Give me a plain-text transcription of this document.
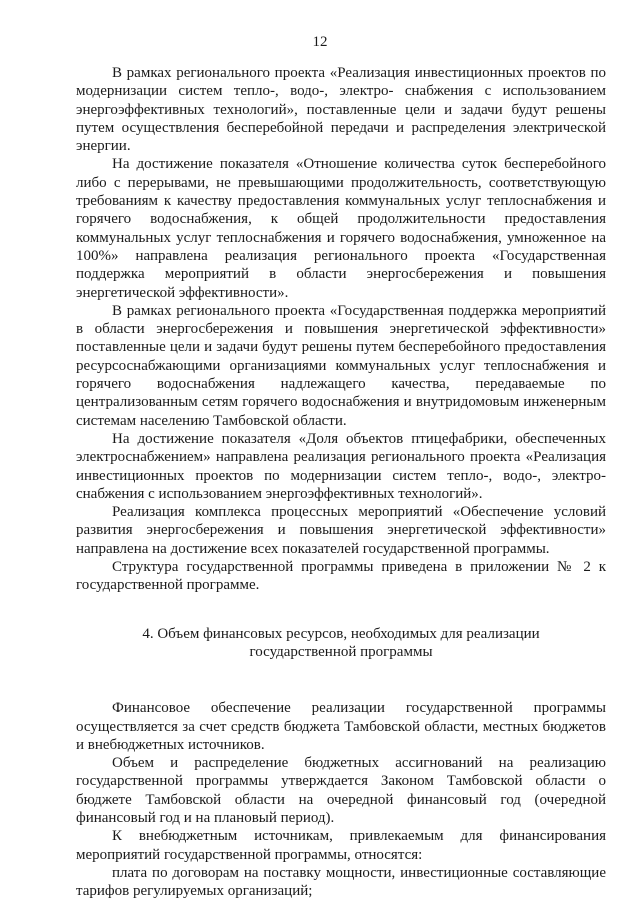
12

В рамках регионального проекта «Реализация инвестиционных проектов по модернизации систем тепло-, водо-, электро- снабжения с использованием энергоэффективных технологий», поставленные цели и задачи будут решены путем осуществления бесперебойной передачи и распределения электрической энергии.

На достижение показателя «Отношение количества суток бесперебойного либо с перерывами, не превышающими продолжительность, соответствующую требованиям к качеству предоставления коммунальных услуг теплоснабжения и горячего водоснабжения, к общей продолжительности предоставления коммунальных услуг теплоснабжения и горячего водоснабжения, умноженное на 100%» направлена реализация регионального проекта «Государственная поддержка мероприятий в области энергосбережения и повышения энергетической эффективности».

В рамках регионального проекта «Государственная поддержка мероприятий в области энергосбережения и повышения энергетической эффективности» поставленные цели и задачи будут решены путем бесперебойного предоставления ресурсоснабжающими организациями коммунальных услуг теплоснабжения и горячего водоснабжения надлежащего качества, передаваемые по централизованным сетям горячего водоснабжения и внутридомовым инженерным системам населению Тамбовской области.

На достижение показателя «Доля объектов птицефабрики, обеспеченных электроснабжением» направлена реализация регионального проекта «Реализация инвестиционных проектов по модернизации систем тепло-, водо-, электро- снабжения с использованием энергоэффективных технологий».

Реализация комплекса процессных мероприятий «Обеспечение условий развития энергосбережения и повышения энергетической эффективности» направлена на достижение всех показателей государственной программы.

Структура государственной программы приведена в приложении № 2 к государственной программе.

4. Объем финансовых ресурсов, необходимых для реализации
государственной программы

Финансовое обеспечение реализации государственной программы осуществляется за счет средств бюджета Тамбовской области, местных бюджетов и внебюджетных источников.

Объем и распределение бюджетных ассигнований на реализацию государственной программы утверждается Законом Тамбовской области о бюджете Тамбовской области на очередной финансовый год (очередной финансовый год и на плановый период).

К внебюджетным источникам, привлекаемым для финансирования мероприятий государственной программы, относятся:

плата по договорам на поставку мощности, инвестиционные составляющие тарифов регулируемых организаций;
